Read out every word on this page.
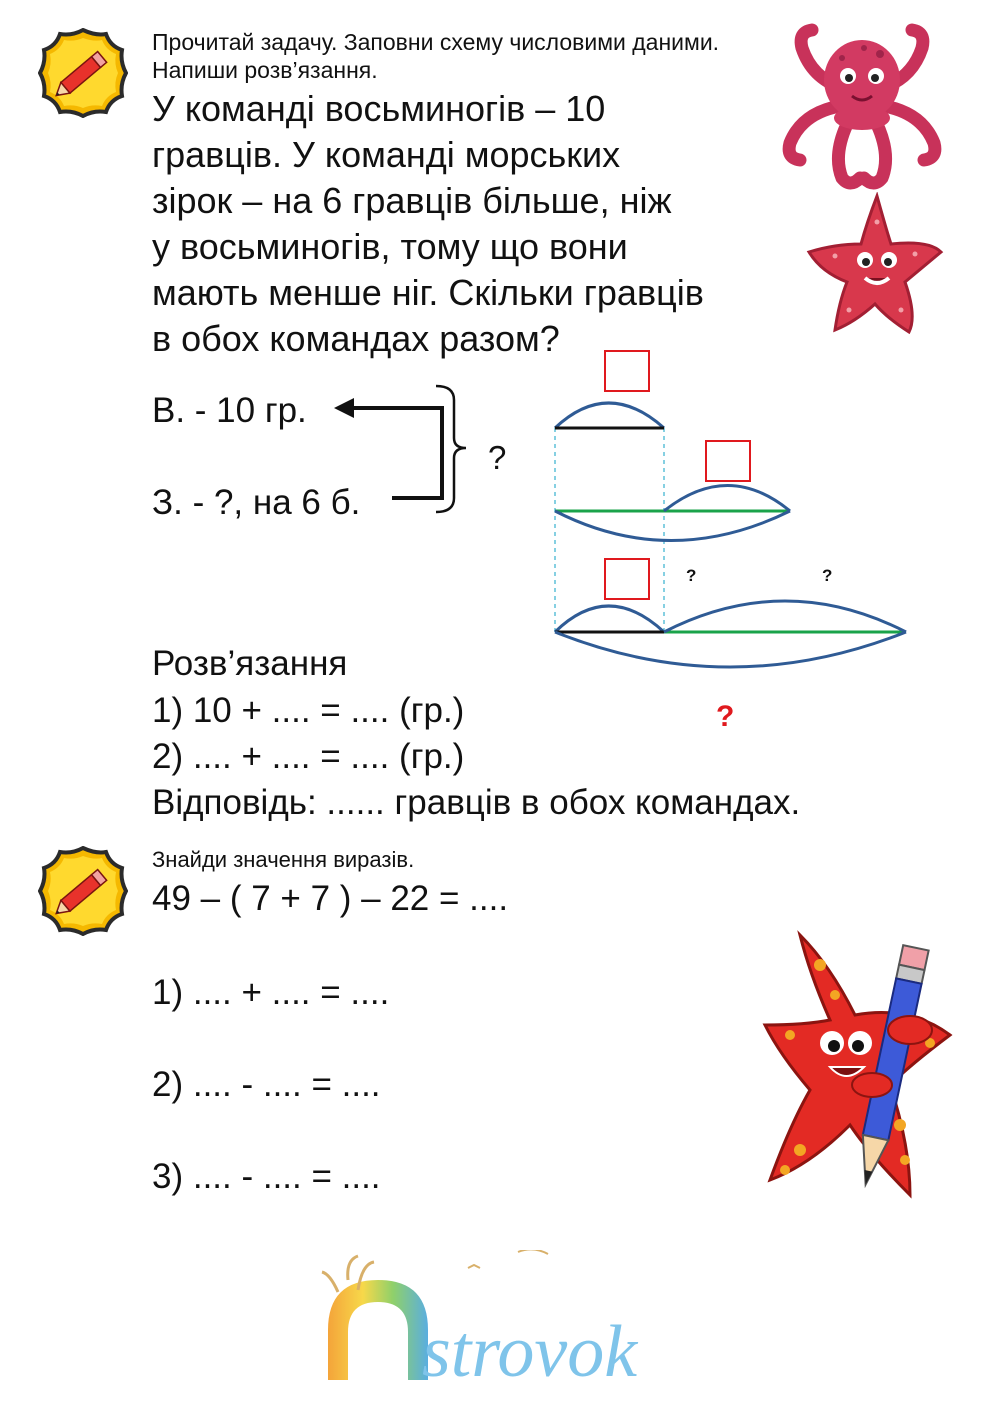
Прочитай задачу. Заповни схему числовими даними. Напиши розв’язання.
У команді восьминогів – 10
гравців. У команді морських
зірок – на 6 гравців більше, ніж
у восьминогів, тому що вони
мають менше ніг. Скільки гравців
в обох командах разом?
В. - 10 гр.
З. - ?, на 6 б.
?
?	?
?
Розв’язання
1) 10 + .... = .... (гр.)
2) .... + .... = .... (гр.)
Відповідь: ...... гравців в обох командах.
Знайди значення виразів.
49 – ( 7 + 7 ) – 22 = ....
1) .... + .... = ....
2) .... - .... = ....
3) .... - .... = ....
strovok
